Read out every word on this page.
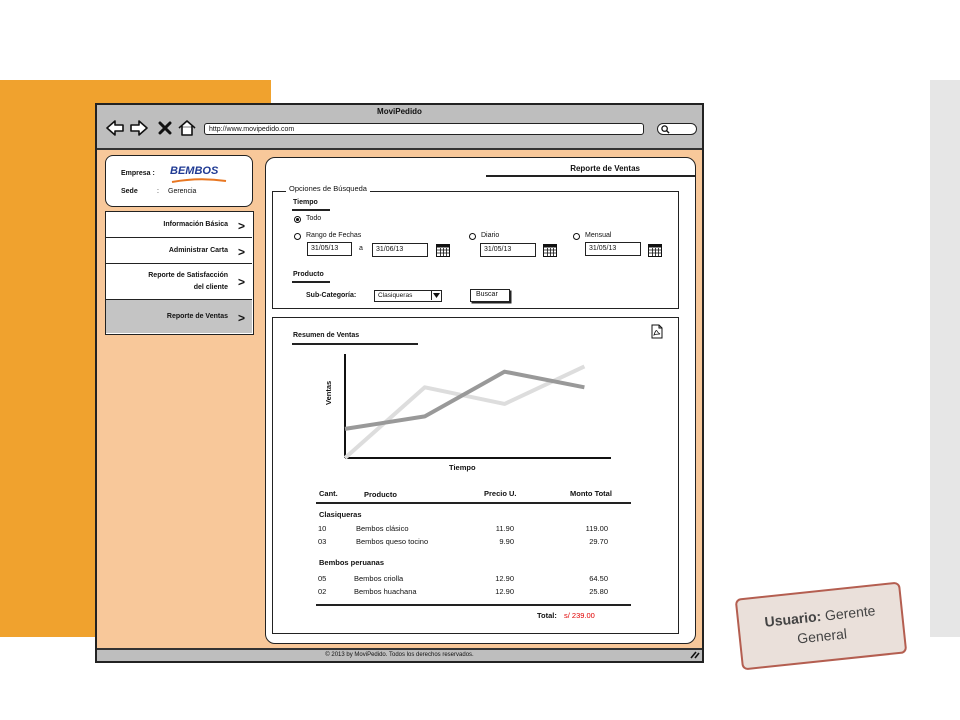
MoviPedido
http://www.movipedido.com
Empresa : BEMBOS
Sede	: Gerencia
Información Básica >
Administrar Carta >
Reporte de Satisfacción
del cliente >
Reporte de Ventas >
Reporte de Ventas
Opciones de Búsqueda
Tiempo
Todo
Rango de Fechas
31/05/13	a	31/06/13
Diario
31/05/13
Mensual
31/05/13
Producto
Sub-Categoría:	Clasiqueras	Buscar
Resumen de Ventas
Ventas
Tiempo
Cant.	Producto	Precio U.	Monto Total
Clasiqueras
10	Bembos clásico	11.90	119.00
03	Bembos queso tocino	9.90	29.70
Bembos peruanas
05	Bembos criolla	12.90	64.50
02	Bembos huachana	12.90	25.80
Total: s/ 239.00
© 2013 by MoviPedido. Todos los derechos reservados.
Usuario: Gerente
General
